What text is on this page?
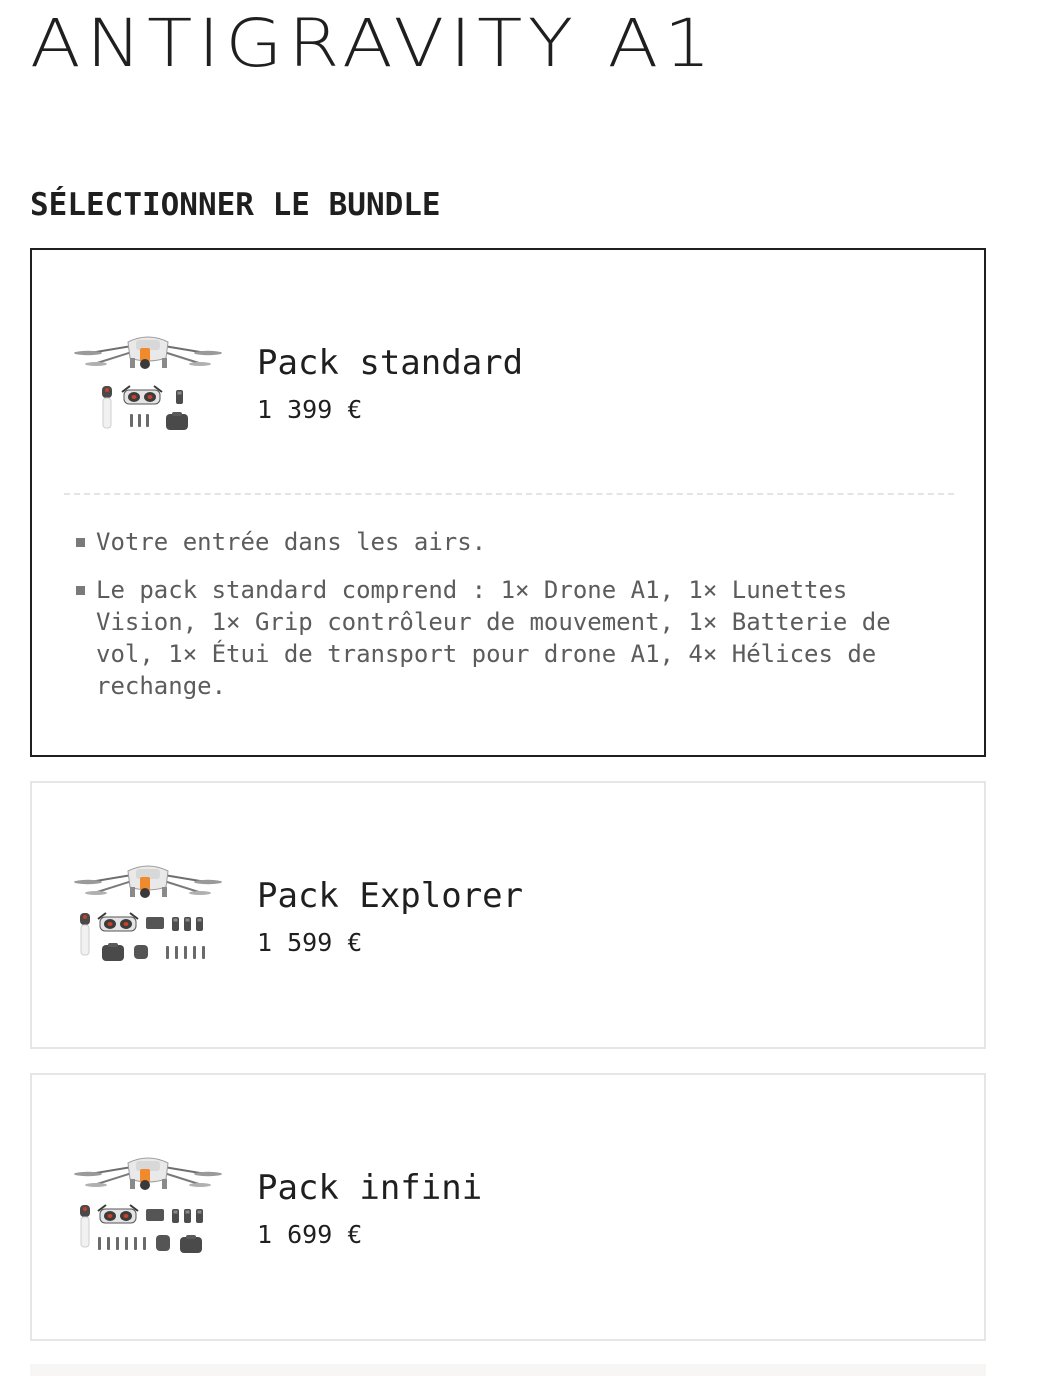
ANTIGRAVITY A1
SÉLECTIONNER LE BUNDLE
Pack standard
1 399 €
Votre entrée dans les airs.
Le pack standard comprend : 1× Drone A1, 1× Lunettes Vision, 1× Grip contrôleur de mouvement, 1× Batterie de vol, 1× Étui de transport pour drone A1, 4× Hélices de rechange.
Pack Explorer
1 599 €
Pack infini
1 699 €
